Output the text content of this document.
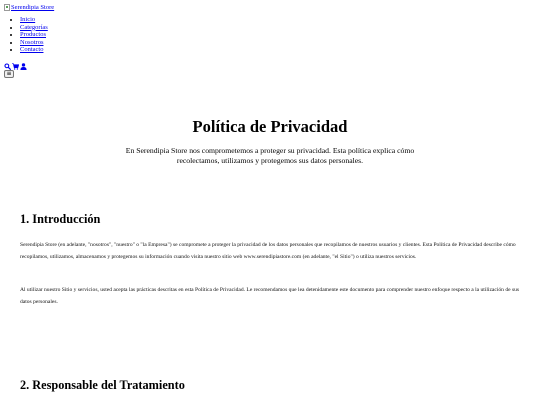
Serendipia Store
• Inicio
• Categorías
• Productos
• Nosotros
• Contacto
≡
Política de Privacidad

En Serendipia Store nos comprometemos a proteger su privacidad. Esta política explica cómo recolectamos, utilizamos y protegemos sus datos personales.

1. Introducción

Serendipia Store (en adelante, "nosotros", "nuestro" o "la Empresa") se compromete a proteger la privacidad de los datos personales que recopilamos de nuestros usuarios y clientes. Esta Política de Privacidad describe cómo recopilamos, utilizamos, almacenamos y protegemos su información cuando visita nuestro sitio web www.serendipiastore.com (en adelante, "el Sitio") o utiliza nuestros servicios.

Al utilizar nuestro Sitio y servicios, usted acepta las prácticas descritas en esta Política de Privacidad. Le recomendamos que lea detenidamente este documento para comprender nuestro enfoque respecto a la utilización de sus datos personales.

2. Responsable del Tratamiento
